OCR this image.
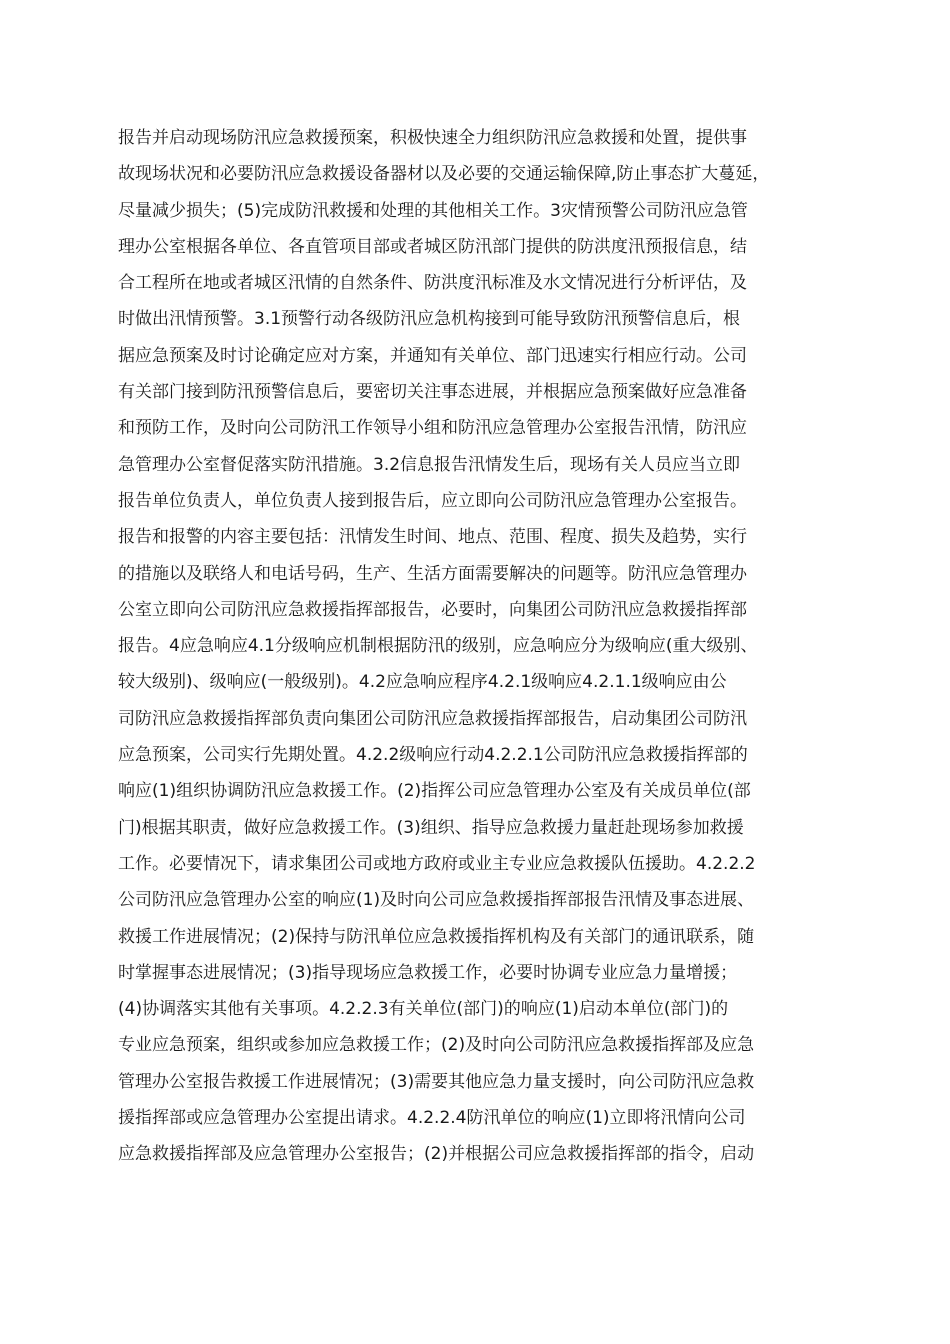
报告并启动现场防汛应急救援预案，积极快速全力组织防汛应急救援和处置，提供事
故现场状况和必要防汛应急救援设备器材以及必要的交通运输保障,防止事态扩大蔓延，
尽量减少损失；(5)完成防汛救援和处理的其他相关工作。3灾情预警公司防汛应急管
理办公室根据各单位、各直管项目部或者城区防汛部门提供的防洪度汛预报信息，结
合工程所在地或者城区汛情的自然条件、防洪度汛标准及水文情况进行分析评估，及
时做出汛情预警。3.1预警行动各级防汛应急机构接到可能导致防汛预警信息后，根
据应急预案及时讨论确定应对方案，并通知有关单位、部门迅速实行相应行动。公司
有关部门接到防汛预警信息后，要密切关注事态进展，并根据应急预案做好应急准备
和预防工作，及时向公司防汛工作领导小组和防汛应急管理办公室报告汛情，防汛应
急管理办公室督促落实防汛措施。3.2信息报告汛情发生后，现场有关人员应当立即
报告单位负责人，单位负责人接到报告后，应立即向公司防汛应急管理办公室报告。
报告和报警的内容主要包括：汛情发生时间、地点、范围、程度、损失及趋势，实行
的措施以及联络人和电话号码，生产、生活方面需要解决的问题等。防汛应急管理办
公室立即向公司防汛应急救援指挥部报告，必要时，向集团公司防汛应急救援指挥部
报告。4应急响应4.1分级响应机制根据防汛的级别，应急响应分为级响应(重大级别、
较大级别)、级响应(一般级别)。4.2应急响应程序4.2.1级响应4.2.1.1级响应由公
司防汛应急救援指挥部负责向集团公司防汛应急救援指挥部报告，启动集团公司防汛
应急预案，公司实行先期处置。4.2.2级响应行动4.2.2.1公司防汛应急救援指挥部的
响应(1)组织协调防汛应急救援工作。(2)指挥公司应急管理办公室及有关成员单位(部
门)根据其职责，做好应急救援工作。(3)组织、指导应急救援力量赶赴现场参加救援
工作。必要情况下，请求集团公司或地方政府或业主专业应急救援队伍援助。4.2.2.2
公司防汛应急管理办公室的响应(1)及时向公司应急救援指挥部报告汛情及事态进展、
救援工作进展情况；(2)保持与防汛单位应急救援指挥机构及有关部门的通讯联系，随
时掌握事态进展情况；(3)指导现场应急救援工作，必要时协调专业应急力量增援；
(4)协调落实其他有关事项。4.2.2.3有关单位(部门)的响应(1)启动本单位(部门)的
专业应急预案，组织或参加应急救援工作；(2)及时向公司防汛应急救援指挥部及应急
管理办公室报告救援工作进展情况；(3)需要其他应急力量支援时，向公司防汛应急救
援指挥部或应急管理办公室提出请求。4.2.2.4防汛单位的响应(1)立即将汛情向公司
应急救援指挥部及应急管理办公室报告；(2)并根据公司应急救援指挥部的指令，启动
